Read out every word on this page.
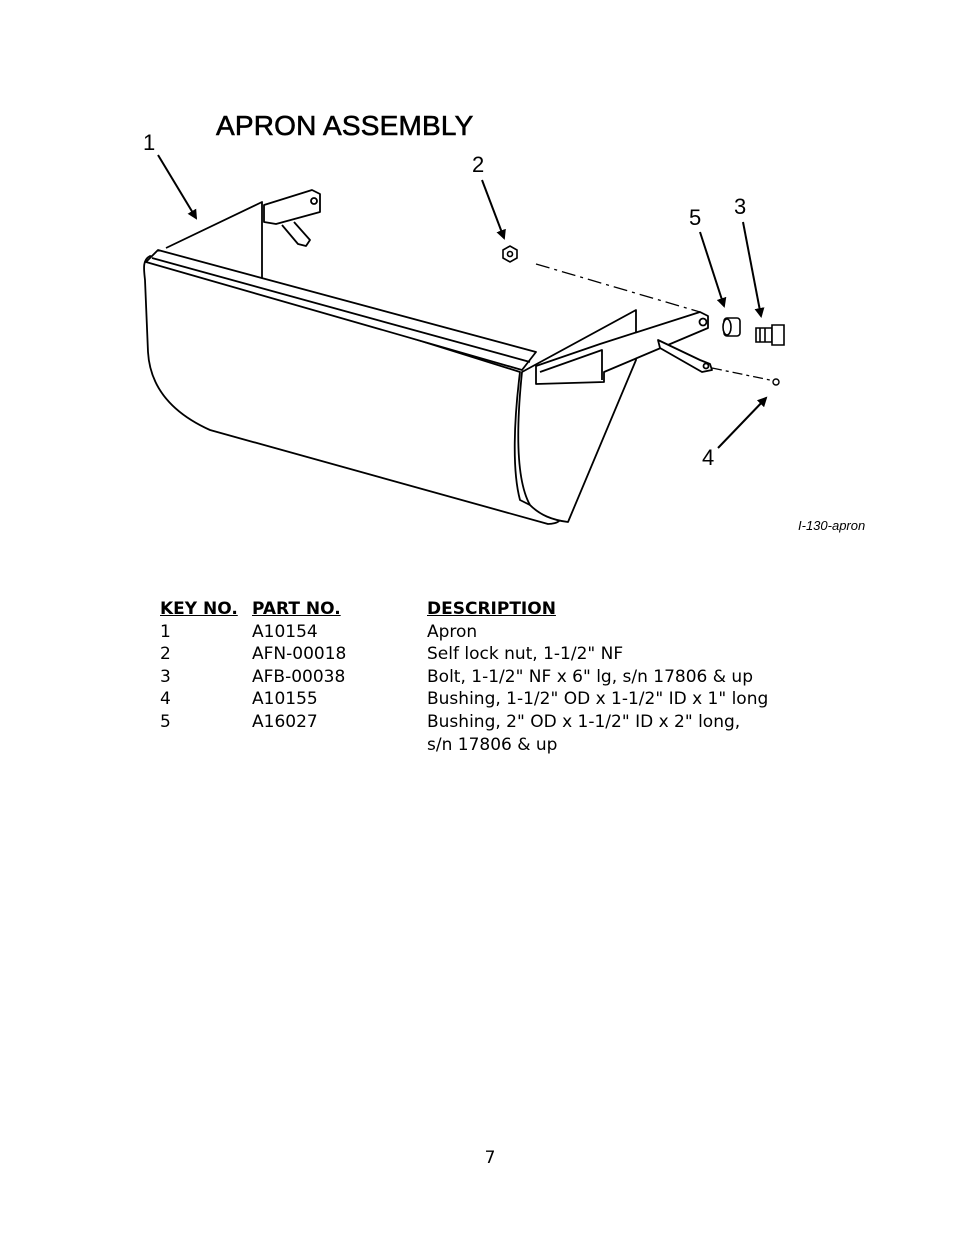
APRON ASSEMBLY
1
2
3
5
4
I-130-apron
KEY NO.	PART NO.	DESCRIPTION
1	A10154	Apron
2	AFN-00018	Self lock nut, 1-1/2" NF
3	AFB-00038	Bolt, 1-1/2" NF x 6" lg, s/n 17806 & up
4	A10155	Bushing, 1-1/2" OD x 1-1/2" ID x 1" long
5	A16027	Bushing, 2" OD x 1-1/2" ID x 2" long,
s/n 17806 & up
7
